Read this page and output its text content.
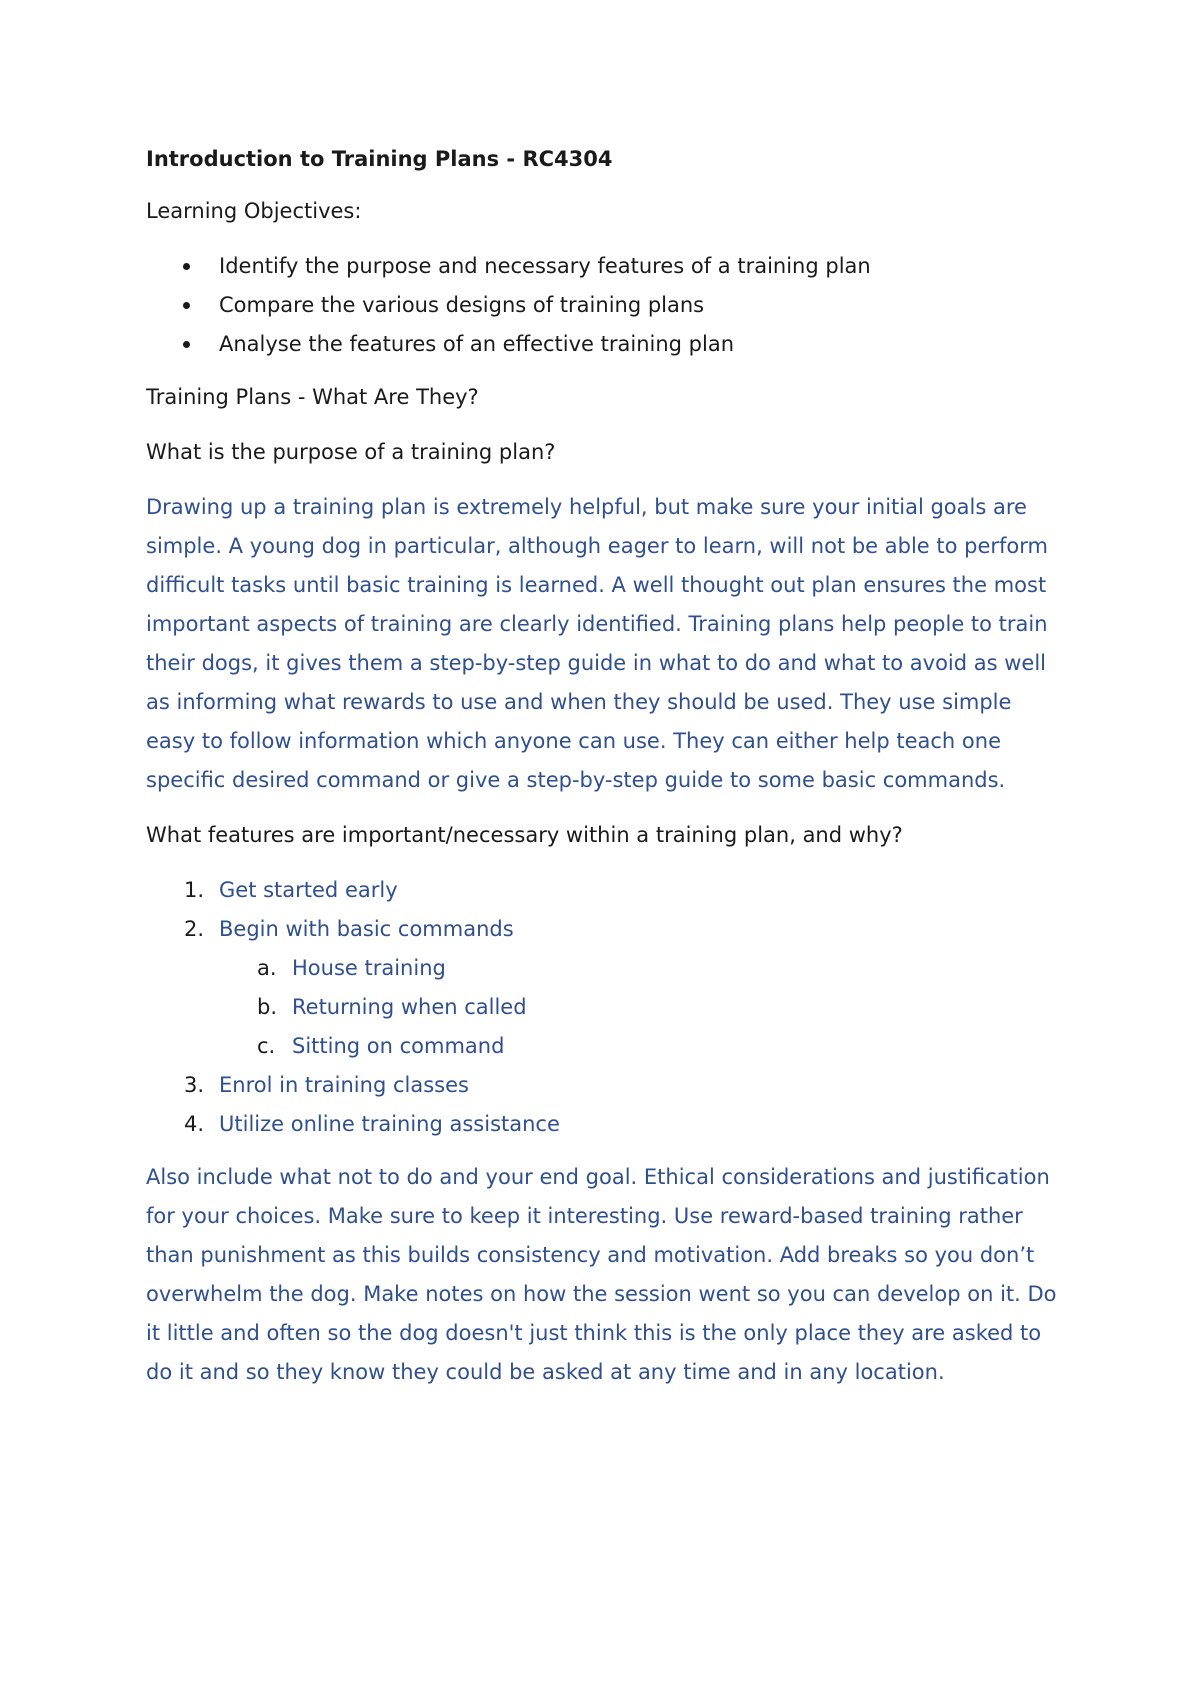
Introduction to Training Plans - RC4304

Learning Objectives:

Identify the purpose and necessary features of a training plan
Compare the various designs of training plans
Analyse the features of an effective training plan

Training Plans - What Are They?

What is the purpose of a training plan?

Drawing up a training plan is extremely helpful, but make sure your initial goals are simple. A young dog in particular, although eager to learn, will not be able to perform difficult tasks until basic training is learned. A well thought out plan ensures the most important aspects of training are clearly identified. Training plans help people to train their dogs, it gives them a step-by-step guide in what to do and what to avoid as well as informing what rewards to use and when they should be used. They use simple easy to follow information which anyone can use. They can either help teach one specific desired command or give a step-by-step guide to some basic commands.

What features are important/necessary within a training plan, and why?

1. Get started early
2. Begin with basic commands
a. House training
b. Returning when called
c. Sitting on command
3. Enrol in training classes
4. Utilize online training assistance

Also include what not to do and your end goal. Ethical considerations and justification for your choices. Make sure to keep it interesting. Use reward-based training rather than punishment as this builds consistency and motivation. Add breaks so you don’t overwhelm the dog. Make notes on how the session went so you can develop on it. Do it little and often so the dog doesn't just think this is the only place they are asked to do it and so they know they could be asked at any time and in any location.
